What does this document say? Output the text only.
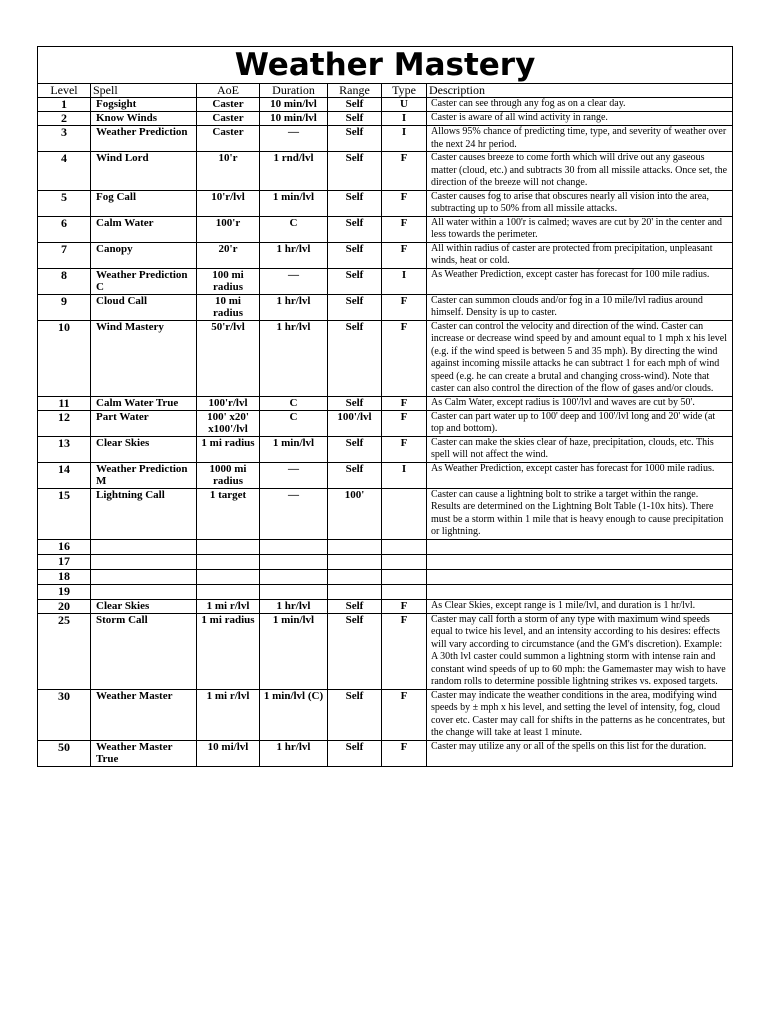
Weather Mastery						

Level	Spell	AoE	Duration	Range	Type	Description
1	Fogsight	Caster	10 min/lvl	Self	U	Caster can see through any fog as on a clear day.
2	Know Winds	Caster	10 min/lvl	Self	I	Caster is aware of all wind activity in range.
3	Weather Prediction	Caster	—	Self	I	Allows 95% chance of predicting time, type, and severity of weather over the next 24 hr period.
4	Wind Lord	10'r	1 rnd/lvl	Self	F	Caster causes breeze to come forth which will drive out any gaseous matter (cloud, etc.) and subtracts 30 from all missile attacks. Once set, the direction of the breeze will not change.
5	Fog Call	10'r/lvl	1 min/lvl	Self	F	Caster causes fog to arise that obscures nearly all vision into the area, subtracting up to 50% from all missile attacks.
6	Calm Water	100'r	C	Self	F	All water within a 100'r is calmed; waves are cut by 20' in the center and less towards the perimeter.
7	Canopy	20'r	1 hr/lvl	Self	F	All within radius of caster are protected from precipitation, unpleasant winds, heat or cold.
8	Weather Prediction C	100 mi radius	—	Self	I	As Weather Prediction, except caster has forecast for 100 mile radius.
9	Cloud Call	10 mi radius	1 hr/lvl	Self	F	Caster can summon clouds and/or fog in a 10 mile/lvl radius around himself. Density is up to caster.
10	Wind Mastery	50'r/lvl	1 hr/lvl	Self	F	Caster can control the velocity and direction of the wind. Caster can increase or decrease wind speed by and amount equal to 1 mph x his level (e.g. if the wind speed is between 5 and 35 mph). By directing the wind against incoming missile attacks he can subtract 1 for each mph of wind speed (e.g. he can create a brutal and changing cross-wind). Note that caster can also control the direction of the flow of gases and/or clouds.
11	Calm Water True	100'r/lvl	C	Self	F	As Calm Water, except radius is 100'/lvl and waves are cut by 50'.
12	Part Water	100' x20' x100'/lvl	C	100'/lvl	F	Caster can part water up to 100' deep and 100'/lvl long and 20' wide (at top and bottom).
13	Clear Skies	1 mi radius	1 min/lvl	Self	F	Caster can make the skies clear of haze, precipitation, clouds, etc. This spell will not affect the wind.
14	Weather Prediction M	1000 mi radius	—	Self	I	As Weather Prediction, except caster has forecast for 1000 mile radius.
15	Lightning Call	1 target	—	100'		Caster can cause a lightning bolt to strike a target within the range. Results are determined on the Lightning Bolt Table (1-10x hits). There must be a storm within 1 mile that is heavy enough to cause precipitation or lightning.
16						
17						
18						
19						
20	Clear Skies	1 mi r/lvl	1 hr/lvl	Self	F	As Clear Skies, except range is 1 mile/lvl, and duration is 1 hr/lvl.
25	Storm Call	1 mi radius	1 min/lvl	Self	F	Caster may call forth a storm of any type with maximum wind speeds equal to twice his level, and an intensity according to his desires: effects will vary according to circumstance (and the GM's discretion). Example: A 30th lvl caster could summon a lightning storm with intense rain and constant wind speeds of up to 60 mph: the Gamemaster may wish to have random rolls to determine possible lightning strikes vs. exposed targets.
30	Weather Master	1 mi r/lvl	1 min/lvl (C)	Self	F	Caster may indicate the weather conditions in the area, modifying wind speeds by ± mph x his level, and setting the level of intensity, fog, cloud cover etc. Caster may call for shifts in the patterns as he concentrates, but the change will take at least 1 minute.
50	Weather Master True	10 mi/lvl	1 hr/lvl	Self	F	Caster may utilize any or all of the spells on this list for the duration.
